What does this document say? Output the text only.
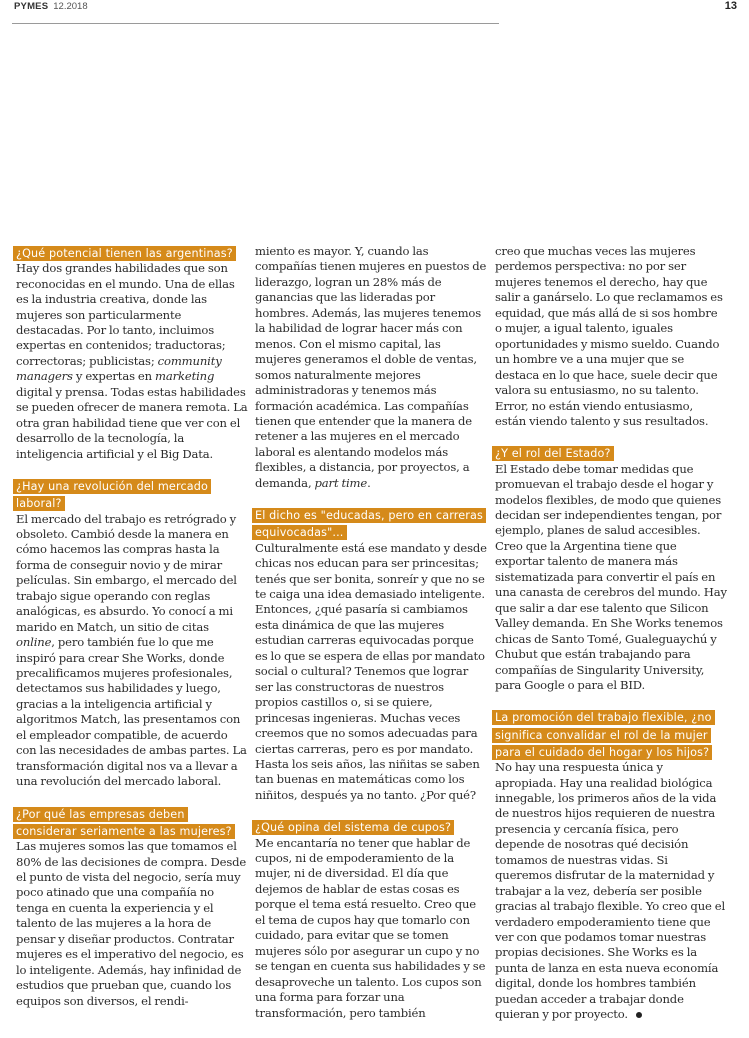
PYMES 12.2018	13
¿Qué potencial tienen las argentinas?

Hay dos grandes habilidades que son reconocidas en el mundo. Una de ellas es la industria creativa, donde las mujeres son particularmente destacadas. Por lo tanto, incluimos expertas en contenidos; traductoras; correctoras; publicistas; community managers y expertas en marketing digital y prensa. Todas estas habilidades se pueden ofrecer de manera remota. La otra gran habilidad tiene que ver con el desarrollo de la tecnología, la inteligencia artificial y el Big Data.

¿Hay una revolución del mercado laboral?

El mercado del trabajo es retrógrado y obsoleto. Cambió desde la manera en cómo hacemos las compras hasta la forma de conseguir novio y de mirar películas. Sin embargo, el mercado del trabajo sigue operando con reglas analógicas, es absurdo. Yo conocí a mi marido en Match, un sitio de citas online, pero también fue lo que me inspiró para crear She Works, donde precalificamos mujeres profesionales, detectamos sus habilidades y luego, gracias a la inteligencia artificial y algoritmos Match, las presentamos con el empleador compatible, de acuerdo con las necesidades de ambas partes. La transformación digital nos va a llevar a una revolución del mercado laboral.

¿Por qué las empresas deben considerar seriamente a las mujeres?

Las mujeres somos las que tomamos el 80% de las decisiones de compra. Desde el punto de vista del negocio, sería muy poco atinado que una compañía no tenga en cuenta la experiencia y el talento de las mujeres a la hora de pensar y diseñar productos. Contratar mujeres es el imperativo del negocio, es lo inteligente. Además, hay infinidad de estudios que prueban que, cuando los equipos son diversos, el rendi-

miento es mayor. Y, cuando las compañías tienen mujeres en puestos de liderazgo, logran un 28% más de ganancias que las lideradas por hombres. Además, las mujeres tenemos la habilidad de lograr hacer más con menos. Con el mismo capital, las mujeres generamos el doble de ventas, somos naturalmente mejores administradoras y tenemos más formación académica. Las compañías tienen que entender que la manera de retener a las mujeres en el mercado laboral es alentando modelos más flexibles, a distancia, por proyectos, a demanda, part time.

El dicho es "educadas, pero en carreras equivocadas"...

Culturalmente está ese mandato y desde chicas nos educan para ser princesitas; tenés que ser bonita, sonreír y que no se te caiga una idea demasiado inteligente. Entonces, ¿qué pasaría si cambiamos esta dinámica de que las mujeres estudian carreras equivocadas porque es lo que se espera de ellas por mandato social o cultural? Tenemos que lograr ser las constructoras de nuestros propios castillos o, si se quiere, princesas ingenieras. Muchas veces creemos que no somos adecuadas para ciertas carreras, pero es por mandato. Hasta los seis años, las niñitas se saben tan buenas en matemáticas como los niñitos, después ya no tanto. ¿Por qué?

¿Qué opina del sistema de cupos?

Me encantaría no tener que hablar de cupos, ni de empoderamiento de la mujer, ni de diversidad. El día que dejemos de hablar de estas cosas es porque el tema está resuelto. Creo que el tema de cupos hay que tomarlo con cuidado, para evitar que se tomen mujeres sólo por asegurar un cupo y no se tengan en cuenta sus habilidades y se desaproveche un talento. Los cupos son una forma para forzar una transformación, pero también

creo que muchas veces las mujeres perdemos perspectiva: no por ser mujeres tenemos el derecho, hay que salir a ganárselo. Lo que reclamamos es equidad, que más allá de si sos hombre o mujer, a igual talento, iguales oportunidades y mismo sueldo. Cuando un hombre ve a una mujer que se destaca en lo que hace, suele decir que valora su entusiasmo, no su talento. Error, no están viendo entusiasmo, están viendo talento y sus resultados.

¿Y el rol del Estado?

El Estado debe tomar medidas que promuevan el trabajo desde el hogar y modelos flexibles, de modo que quienes decidan ser independientes tengan, por ejemplo, planes de salud accesibles. Creo que la Argentina tiene que exportar talento de manera más sistematizada para convertir el país en una canasta de cerebros del mundo. Hay que salir a dar ese talento que Silicon Valley demanda. En She Works tenemos chicas de Santo Tomé, Gualeguaychú y Chubut que están trabajando para compañías de Singularity University, para Google o para el BID.

La promoción del trabajo flexible, ¿no significa convalidar el rol de la mujer para el cuidado del hogar y los hijos?

No hay una respuesta única y apropiada. Hay una realidad biológica innegable, los primeros años de la vida de nuestros hijos requieren de nuestra presencia y cercanía física, pero depende de nosotras qué decisión tomamos de nuestras vidas. Si queremos disfrutar de la maternidad y trabajar a la vez, debería ser posible gracias al trabajo flexible. Yo creo que el verdadero empoderamiento tiene que ver con que podamos tomar nuestras propias decisiones. She Works es la punta de lanza en esta nueva economía digital, donde los hombres también puedan acceder a trabajar donde quieran y por proyecto.
